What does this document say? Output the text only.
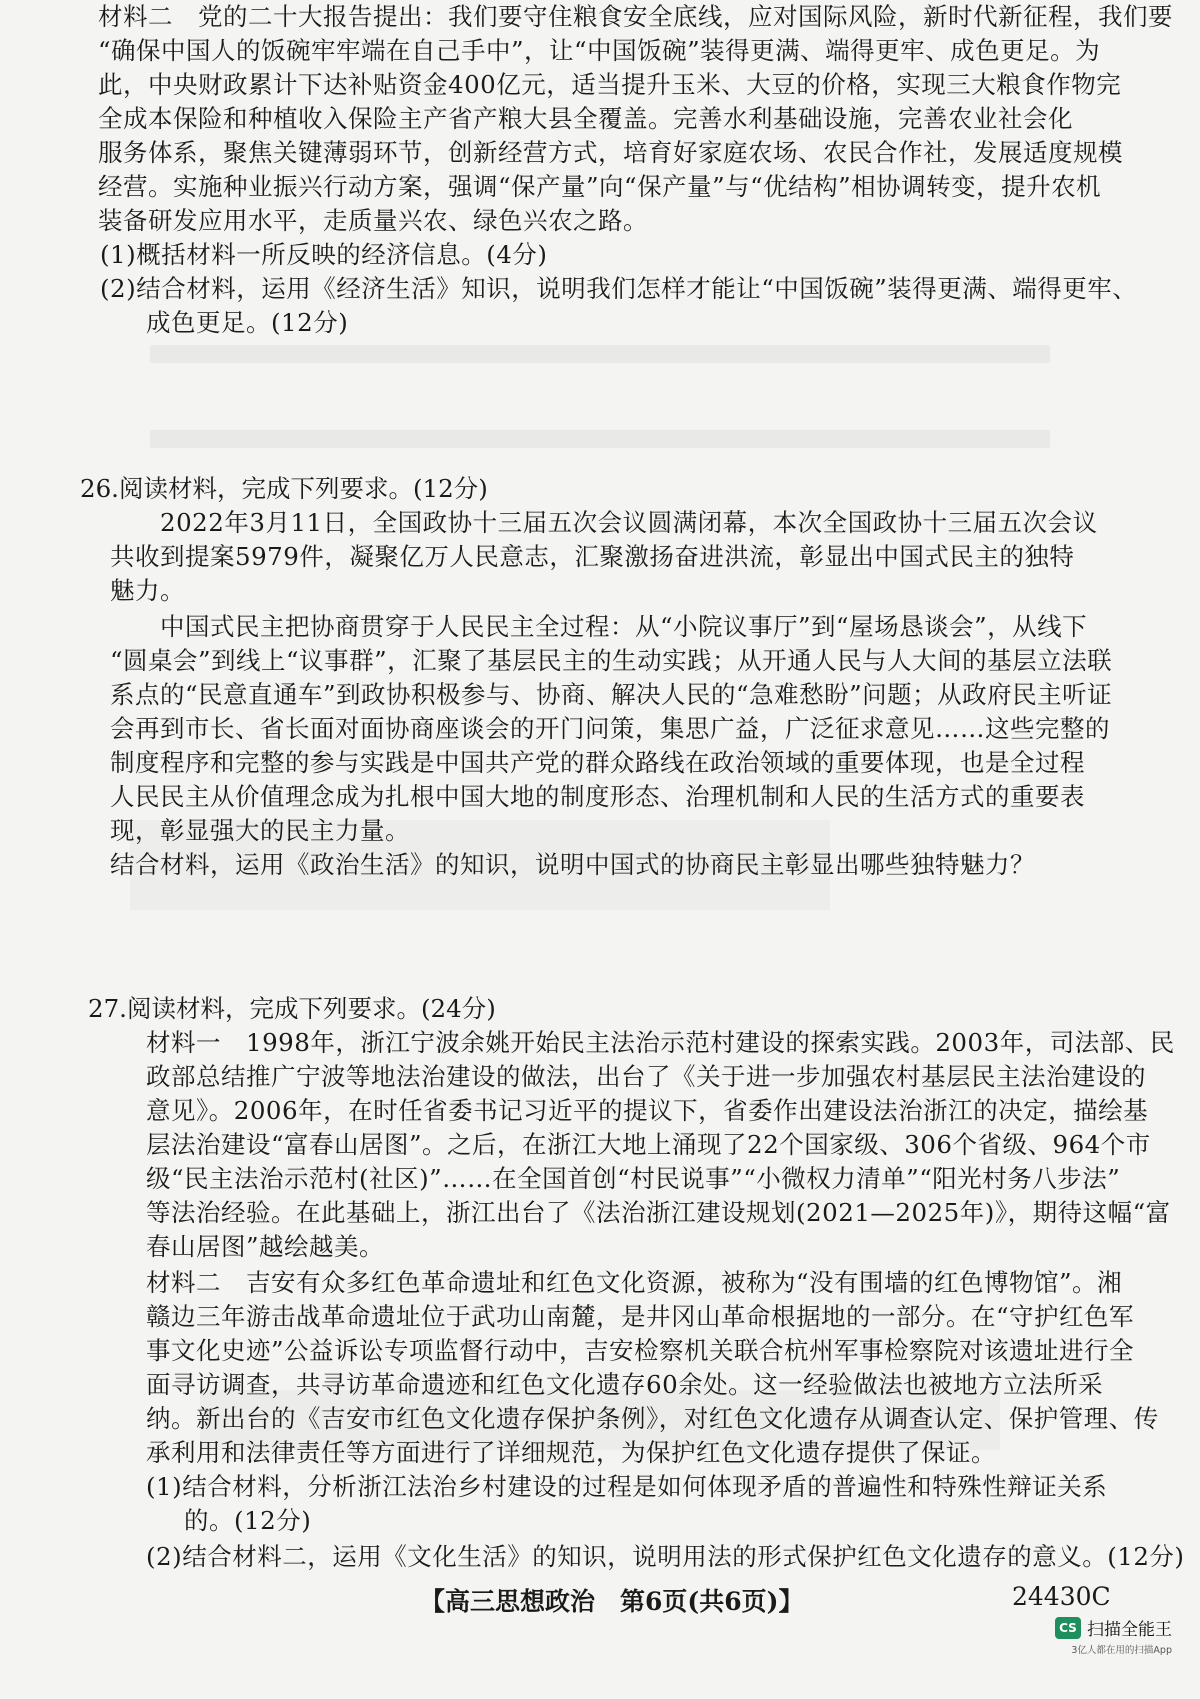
材料二　党的二十大报告提出：我们要守住粮食安全底线，应对国际风险，新时代新征程，我们要
“确保中国人的饭碗牢牢端在自己手中”，让“中国饭碗”装得更满、端得更牢、成色更足。为
此，中央财政累计下达补贴资金400亿元，适当提升玉米、大豆的价格，实现三大粮食作物完
全成本保险和种植收入保险主产省产粮大县全覆盖。完善水利基础设施，完善农业社会化
服务体系，聚焦关键薄弱环节，创新经营方式，培育好家庭农场、农民合作社，发展适度规模
经营。实施种业振兴行动方案，强调“保产量”向“保产量”与“优结构”相协调转变，提升农机
装备研发应用水平，走质量兴农、绿色兴农之路。
(1)概括材料一所反映的经济信息。(4分)
(2)结合材料，运用《经济生活》知识，说明我们怎样才能让“中国饭碗”装得更满、端得更牢、
成色更足。(12分)
26.阅读材料，完成下列要求。(12分)
2022年3月11日，全国政协十三届五次会议圆满闭幕，本次全国政协十三届五次会议
共收到提案5979件，凝聚亿万人民意志，汇聚激扬奋进洪流，彰显出中国式民主的独特
魅力。
中国式民主把协商贯穿于人民民主全过程：从“小院议事厅”到“屋场恳谈会”，从线下
“圆桌会”到线上“议事群”，汇聚了基层民主的生动实践；从开通人民与人大间的基层立法联
系点的“民意直通车”到政协积极参与、协商、解决人民的“急难愁盼”问题；从政府民主听证
会再到市长、省长面对面协商座谈会的开门问策，集思广益，广泛征求意见……这些完整的
制度程序和完整的参与实践是中国共产党的群众路线在政治领域的重要体现，也是全过程
人民民主从价值理念成为扎根中国大地的制度形态、治理机制和人民的生活方式的重要表
现，彰显强大的民主力量。
结合材料，运用《政治生活》的知识，说明中国式的协商民主彰显出哪些独特魅力？
27.阅读材料，完成下列要求。(24分)
材料一　1998年，浙江宁波余姚开始民主法治示范村建设的探索实践。2003年，司法部、民
政部总结推广宁波等地法治建设的做法，出台了《关于进一步加强农村基层民主法治建设的
意见》。2006年，在时任省委书记习近平的提议下，省委作出建设法治浙江的决定，描绘基
层法治建设“富春山居图”。之后，在浙江大地上涌现了22个国家级、306个省级、964个市
级“民主法治示范村(社区)”……在全国首创“村民说事”“小微权力清单”“阳光村务八步法”
等法治经验。在此基础上，浙江出台了《法治浙江建设规划(2021—2025年)》，期待这幅“富
春山居图”越绘越美。
材料二　吉安有众多红色革命遗址和红色文化资源，被称为“没有围墙的红色博物馆”。湘
赣边三年游击战革命遗址位于武功山南麓，是井冈山革命根据地的一部分。在“守护红色军
事文化史迹”公益诉讼专项监督行动中，吉安检察机关联合杭州军事检察院对该遗址进行全
面寻访调查，共寻访革命遗迹和红色文化遗存60余处。这一经验做法也被地方立法所采
纳。新出台的《吉安市红色文化遗存保护条例》，对红色文化遗存从调查认定、保护管理、传
承利用和法律责任等方面进行了详细规范，为保护红色文化遗存提供了保证。
(1)结合材料，分析浙江法治乡村建设的过程是如何体现矛盾的普遍性和特殊性辩证关系
的。(12分)
(2)结合材料二，运用《文化生活》的知识，说明用法的形式保护红色文化遗存的意义。(12分)
【高三思想政治　第6页(共6页)】	24430C
CS 扫描全能王
3亿人都在用的扫描App
